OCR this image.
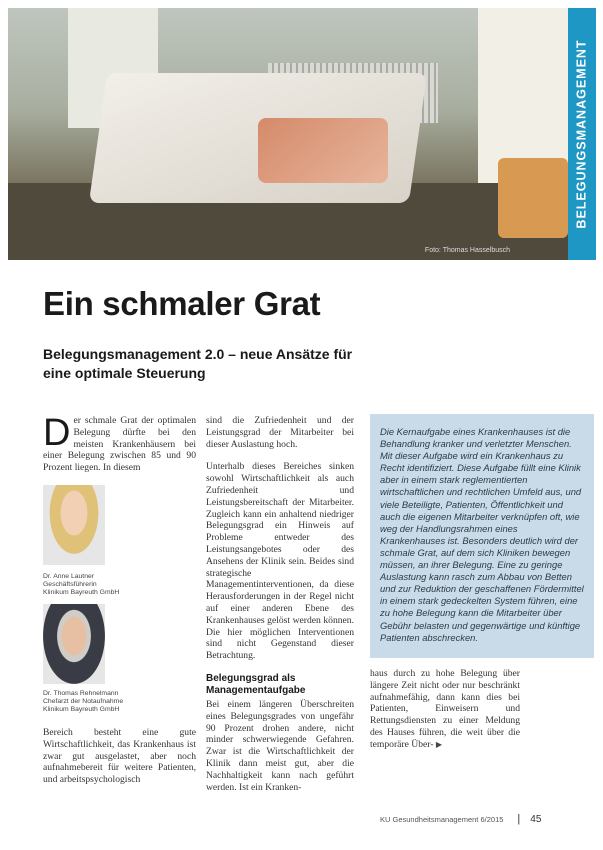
Foto: Thomas Hasselbusch
BELEGUNGSMANAGEMENT
Ein schmaler Grat
Belegungsmanagement 2.0 – neue Ansätze für eine optimale Steuerung
D er schmale Grat der optimalen Belegung dürfte bei den meisten Krankenhäusern bei einer Belegung zwischen 85 und 90 Prozent liegen. In diesem
Dr. Anne Lautner
Geschäftsführerin
Klinikum Bayreuth GmbH
Dr. Thomas Rehnelmann
Chefarzt der Notaufnahme
Klinikum Bayreuth GmbH
Bereich besteht eine gute Wirtschaftlichkeit, das Krankenhaus ist zwar gut ausgelastet, aber noch aufnahmebereit für weitere Patienten, und arbeitspsychologisch

sind die Zufriedenheit und der Leistungsgrad der Mitarbeiter bei dieser Auslastung hoch.

Unterhalb dieses Bereiches sinken sowohl Wirtschaftlichkeit als auch Zufriedenheit und Leistungsbereitschaft der Mitarbeiter. Zugleich kann ein anhaltend niedriger Belegungsgrad ein Hinweis auf Probleme entweder des Leistungsangebotes oder des Ansehens der Klinik sein. Beides sind strategische Managementinterventionen, da diese Herausforderungen in der Regel nicht auf einer anderen Ebene des Krankenhauses gelöst werden können. Die hier möglichen Interventionen sind nicht Gegenstand dieser Betrachtung.

Belegungsgrad als Managementaufgabe

Bei einem längeren Überschreiten eines Belegungsgrades von ungefähr 90 Prozent drohen andere, nicht minder schwerwiegende Gefahren. Zwar ist die Wirtschaftlichkeit der Klinik dann meist gut, aber die Nachhaltigkeit kann nach geführt werden. Ist ein Kranken-

Die Kernaufgabe eines Krankenhauses ist die Behandlung kranker und verletzter Menschen. Mit dieser Aufgabe wird ein Krankenhaus zu Recht identifiziert. Diese Aufgabe füllt eine Klinik aber in einem stark reglementierten wirtschaftlichen und rechtlichen Umfeld aus, und viele Beteiligte, Patienten, Öffentlichkeit und auch die eigenen Mitarbeiter verknüpfen oft, wie weg der Handlungsrahmen eines Krankenhauses ist. Besonders deutlich wird der schmale Grat, auf dem sich Kliniken bewegen müssen, an ihrer Belegung. Eine zu geringe Auslastung kann rasch zum Abbau von Betten und zur Reduktion der geschaffenen Fördermittel in einem stark gedeckelten System führen, eine zu hohe Belegung kann die Mitarbeiter über Gebühr belasten und gegenwärtige und künftige Patienten abschrecken.

haus durch zu hohe Belegung über längere Zeit nicht oder nur beschränkt aufnahmefähig, dann kann dies bei Patienten, Einweisern und Rettungsdiensten zu einer Meldung des Hauses führen, die weit über die temporäre Über- ▶
KU Gesundheitsmanagement 6/2015 | 45
